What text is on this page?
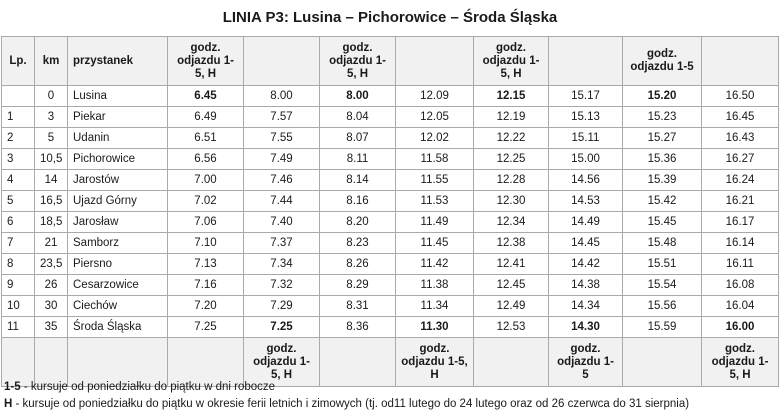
LINIA P3: Lusina – Pichorowice – Środa Śląska
Lp.	km	przystanek	godz. odjazdu 1-5, H		godz. odjazdu 1-5, H		godz. odjazdu 1-5, H		godz. odjazdu 1-5	
	0	Lusina	6.45	8.00	8.00	12.09	12.15	15.17	15.20	16.50
1	3	Piekar	6.49	7.57	8.04	12.05	12.19	15.13	15.23	16.45
2	5	Udanin	6.51	7.55	8.07	12.02	12.22	15.11	15.27	16.43
3	10,5	Pichorowice	6.56	7.49	8.11	11.58	12.25	15.00	15.36	16.27
4	14	Jarostów	7.00	7.46	8.14	11.55	12.28	14.56	15.39	16.24
5	16,5	Ujazd Górny	7.02	7.44	8.16	11.53	12.30	14.53	15.42	16.21
6	18,5	Jarosław	7.06	7.40	8.20	11.49	12.34	14.49	15.45	16.17
7	21	Samborz	7.10	7.37	8.23	11.45	12.38	14.45	15.48	16.14
8	23,5	Piersno	7.13	7.34	8.26	11.42	12.41	14.42	15.51	16.11
9	26	Cesarzowice	7.16	7.32	8.29	11.38	12.45	14.38	15.54	16.08
10	30	Ciechów	7.20	7.29	8.31	11.34	12.49	14.34	15.56	16.04
11	35	Środa Śląska	7.25	7.25	8.36	11.30	12.53	14.30	15.59	16.00
				godz. odjazdu 1-5, H		godz. odjazdu 1-5, H		godz. odjazdu 1-5		godz. odjazdu 1-5, H
1-5 - kursuje od poniedziałku do piątku w dni robocze
H - kursuje od poniedziałku do piątku w okresie ferii letnich i zimowych (tj. od11 lutego do 24 lutego oraz od 26 czerwca do 31 sierpnia)
